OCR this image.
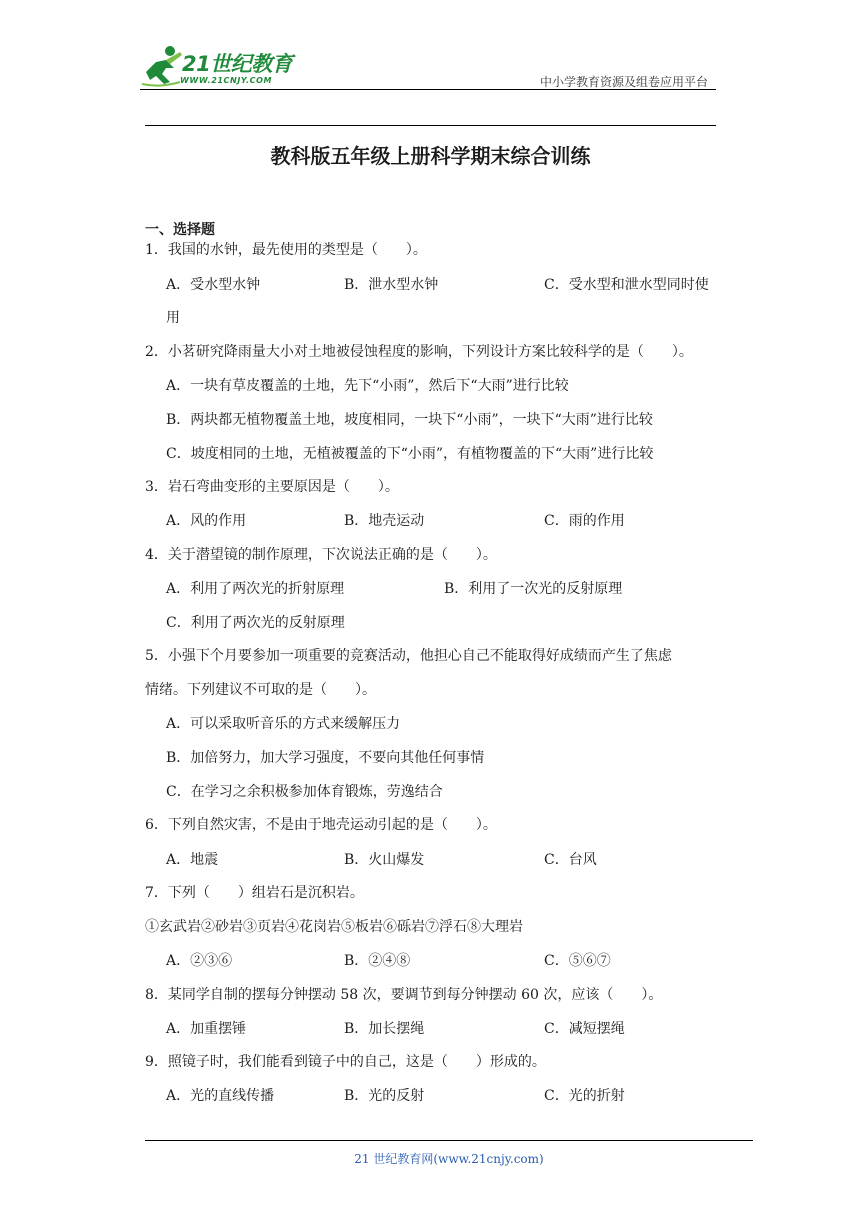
21世纪教育
WWW.21CNJY.COM	中小学教育资源及组卷应用平台
教科版五年级上册科学期末综合训练
一、选择题
1．我国的水钟，最先使用的类型是（　　）。
A．受水型水钟	B．泄水型水钟	C．受水型和泄水型同时使
用
2．小茗研究降雨量大小对土地被侵蚀程度的影响，下列设计方案比较科学的是（　　）。
A．一块有草皮覆盖的土地，先下“小雨”，然后下“大雨”进行比较
B．两块都无植物覆盖土地，坡度相同，一块下“小雨”，一块下“大雨”进行比较
C．坡度相同的土地，无植被覆盖的下“小雨”，有植物覆盖的下“大雨”进行比较
3．岩石弯曲变形的主要原因是（　　）。
A．风的作用	B．地壳运动	C．雨的作用
4．关于潜望镜的制作原理，下次说法正确的是（　　）。
A．利用了两次光的折射原理	B．利用了一次光的反射原理
C．利用了两次光的反射原理
5．小强下个月要参加一项重要的竞赛活动，他担心自己不能取得好成绩而产生了焦虑
情绪。下列建议不可取的是（　　）。
A．可以采取听音乐的方式来缓解压力
B．加倍努力，加大学习强度，不要向其他任何事情
C．在学习之余积极参加体育锻炼，劳逸结合
6．下列自然灾害，不是由于地壳运动引起的是（　　）。
A．地震	B．火山爆发	C．台风
7．下列（　　）组岩石是沉积岩。
①玄武岩②砂岩③页岩④花岗岩⑤板岩⑥砾岩⑦浮石⑧大理岩
A．②③⑥	B．②④⑧	C．⑤⑥⑦
8．某同学自制的摆每分钟摆动 58 次，要调节到每分钟摆动 60 次，应该（　　）。
A．加重摆锤	B．加长摆绳	C．减短摆绳
9．照镜子时，我们能看到镜子中的自己，这是（　　）形成的。
A．光的直线传播	B．光的反射	C．光的折射
21 世纪教育网(www.21cnjy.com)
